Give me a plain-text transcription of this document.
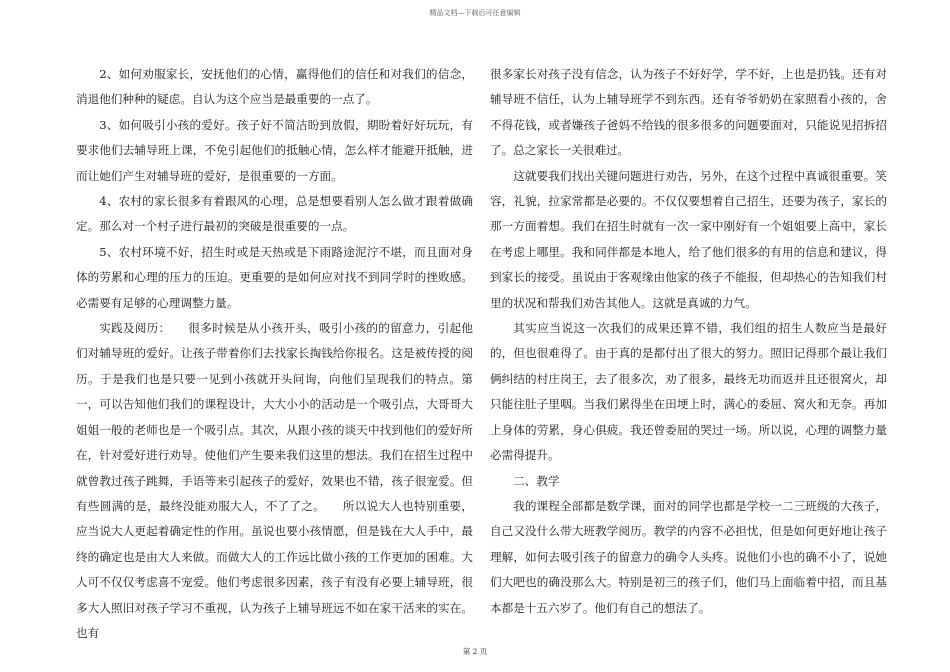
精品文档—下载后可任意编辑

2、如何劝服家长，安抚他们的心情，赢得他们的信任和对我们的信念，消退他们种种的疑虑。自认为这个应当是最重要的一点了。

3、如何吸引小孩的爱好。孩子好不简洁盼到放假，期盼着好好玩玩，有要求他们去辅导班上课，不免引起他们的抵触心情，怎么样才能避开抵触，进而让她们产生对辅导班的爱好，是很重要的一方面。

4、农村的家长很多有着跟风的心理，总是想要看别人怎么做才跟着做确定。那么对一个村子进行最初的突破是很重要的一点。

5、农村环境不好，招生时或是天热或是下雨路途泥泞不堪，而且面对身体的劳累和心理的压力的压迫。更重要的是如何应对找不到同学时的挫败感。必需要有足够的心理调整力量。

实践及阅历：　　很多时候是从小孩开头，吸引小孩的的留意力，引起他们对辅导班的爱好。让孩子带着你们去找家长掏钱给你报名。这是被传授的阅历。于是我们也是只要一见到小孩就开头问询，向他们呈现我们的特点。第一，可以告知他们我们的课程设计，大大小小的活动是一个吸引点，大哥哥大姐姐一般的老师也是一个吸引点。其次，从跟小孩的谈天中找到他们的爱好所在，针对爱好进行劝导。使他们产生要来我们这里的想法。我们在招生过程中就曾教过孩子跳舞，手语等来引起孩子的爱好，效果也不错，孩子很宠爱。但有些圆满的是，最终没能劝服大人，不了了之。　　所以说大人也特别重要，应当说大人更起着确定性的作用。虽说也要小孩情愿，但是钱在大人手中，最终的确定也是由大人来做。而做大人的工作远比做小孩的工作更加的困难。大人可不仅仅考虑喜不宠爱。他们考虑很多因素，孩子有没有必要上辅导班，很多大人照旧对孩子学习不重视，认为孩子上辅导班远不如在家干活来的实在。也有

很多家长对孩子没有信念，认为孩子不好好学，学不好，上也是扔钱。还有对辅导班不信任，认为上辅导班学不到东西。还有爷爷奶奶在家照看小孩的，舍不得花钱，或者嫌孩子爸妈不给钱的很多很多的问题要面对，只能说见招拆招了。总之家长一关很难过。

这就要我们找出关键问题进行劝告，另外，在这个过程中真诚很重要。笑容，礼貌，拉家常都是必要的。不仅仅要想着自己招生，还要为孩子，家长的那一方面着想。我们在招生时就有一次一家中刚好有一个姐姐要上高中，家长在考虑上哪里。我和同伴都是本地人，给了他们很多的有用的信息和建议，得到家长的接受。虽说由于客观缘由他家的孩子不能报，但却热心的告知我们村里的状况和帮我们劝告其他人。这就是真诚的力气。

其实应当说这一次我们的成果还算不错，我们组的招生人数应当是最好的，但也很难得了。由于真的是都付出了很大的努力。照旧记得那个最让我们俩纠结的村庄岗王，去了很多次，劝了很多，最终无功而返并且还很窝火，却只能往肚子里咽。当我们累得坐在田埂上时，满心的委屈、窝火和无奈。再加上身体的劳累，身心俱疲。我还曾委屈的哭过一场。所以说，心理的调整力量必需得提升。

二、教学

我的课程全部都是数学课，面对的同学也都是学校一二三班级的大孩子，自己又没什么带大班教学阅历。教学的内容不必担忧，但是如何更好地让孩子理解，如何去吸引孩子的留意力的确令人头疼。说他们小也的确不小了，说她们大吧也的确没那么大。特别是初三的孩子们，他们马上面临着中招，而且基本都是十五六岁了。他们有自己的想法了。

第 2 页
